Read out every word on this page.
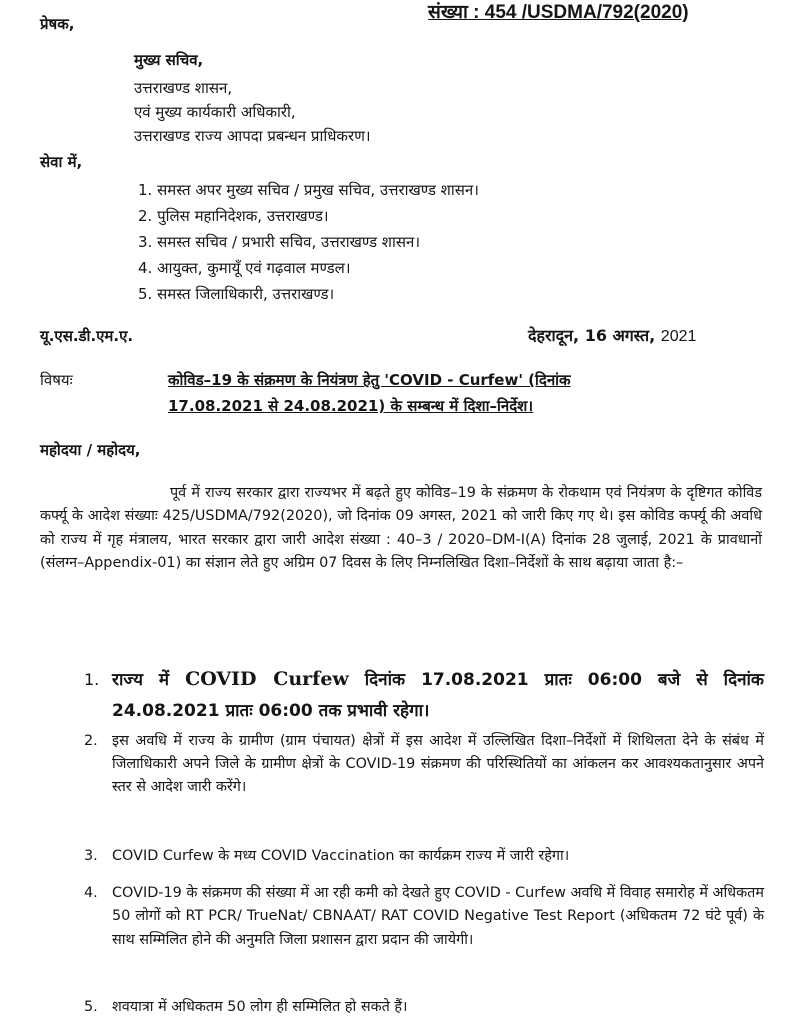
संख्या : 454 /USDMA/792(2020)
प्रेषक,
मुख्य सचिव,
उत्तराखण्ड शासन,
एवं मुख्य कार्यकारी अधिकारी,
उत्तराखण्ड राज्य आपदा प्रबन्धन प्राधिकरण।
सेवा में,
1. समस्त अपर मुख्य सचिव / प्रमुख सचिव, उत्तराखण्ड शासन।
2. पुलिस महानिदेशक, उत्तराखण्ड।
3. समस्त सचिव / प्रभारी सचिव, उत्तराखण्ड शासन।
4. आयुक्त, कुमायूँ एवं गढ़वाल मण्डल।
5. समस्त जिलाधिकारी, उत्तराखण्ड।
यू.एस.डी.एम.ए.	देहरादून, 16 अगस्त, 2021
विषयः	कोविड–19 के संक्रमण के नियंत्रण हेतु 'COVID - Curfew' (दिनांक
17.08.2021 से 24.08.2021) के सम्बन्ध में दिशा–निर्देश।
महोदया / महोदय,
पूर्व में राज्य सरकार द्वारा राज्यभर में बढ़ते हुए कोविड–19 के संक्रमण के रोकथाम एवं नियंत्रण के दृष्टिगत कोविड कर्फ्यू के आदेश संख्याः 425/USDMA/792(2020), जो दिनांक 09 अगस्त, 2021 को जारी किए गए थे। इस कोविड कर्फ्यू की अवधि को राज्य में गृह मंत्रालय, भारत सरकार द्वारा जारी आदेश संख्या : 40–3 / 2020–DM-I(A) दिनांक 28 जुलाई, 2021 के प्रावधानों (संलग्न–Appendix-01) का संज्ञान लेते हुए अग्रिम 07 दिवस के लिए निम्नलिखित दिशा–निर्देशों के साथ बढ़ाया जाता है:–
1. राज्य में COVID Curfew दिनांक 17.08.2021 प्रातः 06:00 बजे से दिनांक 24.08.2021 प्रातः 06:00 तक प्रभावी रहेगा।
2. इस अवधि में राज्य के ग्रामीण (ग्राम पंचायत) क्षेत्रों में इस आदेश में उल्लिखित दिशा–निर्देशों में शिथिलता देने के संबंध में जिलाधिकारी अपने जिले के ग्रामीण क्षेत्रों के COVID-19 संक्रमण की परिस्थितियों का आंकलन कर आवश्यकतानुसार अपने स्तर से आदेश जारी करेंगे।
3. COVID Curfew के मध्य COVID Vaccination का कार्यक्रम राज्य में जारी रहेगा।
4. COVID-19 के संक्रमण की संख्या में आ रही कमी को देखते हुए COVID - Curfew अवधि में विवाह समारोह में अधिकतम 50 लोगों को RT PCR/ TrueNat/ CBNAAT/ RAT COVID Negative Test Report (अधिकतम 72 घंटे पूर्व) के साथ सम्मिलित होने की अनुमति जिला प्रशासन द्वारा प्रदान की जायेगी।
5. शवयात्रा में अधिकतम 50 लोग ही सम्मिलित हो सकते हैं।
